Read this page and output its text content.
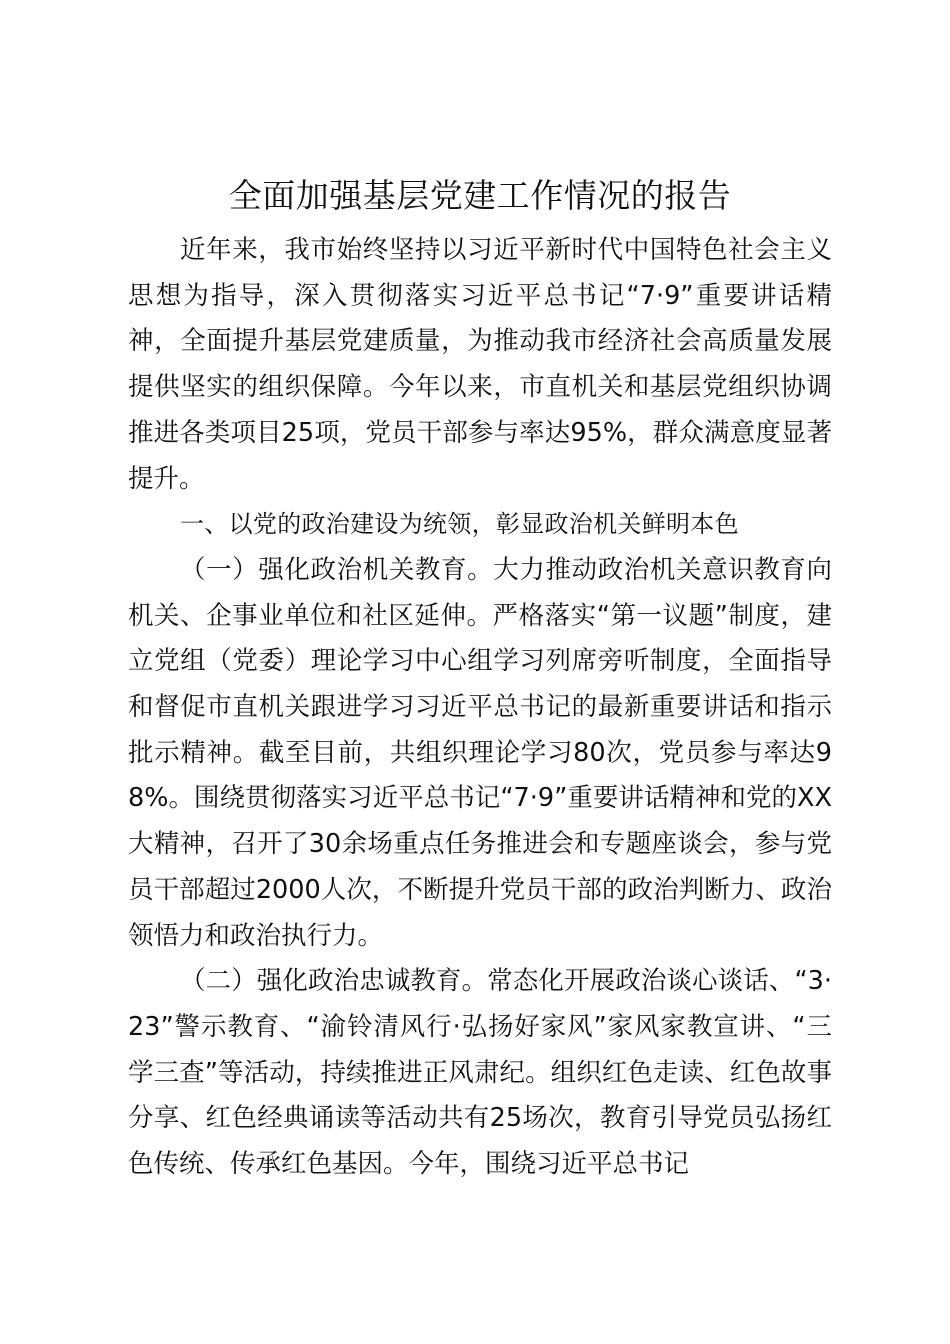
全面加强基层党建工作情况的报告

近年来，我市始终坚持以习近平新时代中国特色社会主义思想为指导，深入贯彻落实习近平总书记“7·9”重要讲话精神，全面提升基层党建质量，为推动我市经济社会高质量发展提供坚实的组织保障。今年以来，市直机关和基层党组织协调推进各类项目25项，党员干部参与率达95%，群众满意度显著提升。

一、以党的政治建设为统领，彰显政治机关鲜明本色

（一）强化政治机关教育。大力推动政治机关意识教育向机关、企事业单位和社区延伸。严格落实“第一议题”制度，建立党组（党委）理论学习中心组学习列席旁听制度，全面指导和督促市直机关跟进学习习近平总书记的最新重要讲话和指示批示精神。截至目前，共组织理论学习80次，党员参与率达98%。围绕贯彻落实习近平总书记“7·9”重要讲话精神和党的XX大精神，召开了30余场重点任务推进会和专题座谈会，参与党员干部超过2000人次，不断提升党员干部的政治判断力、政治领悟力和政治执行力。

（二）强化政治忠诚教育。常态化开展政治谈心谈话、“3·23”警示教育、“渝铃清风行·弘扬好家风”家风家教宣讲、“三学三查”等活动，持续推进正风肃纪。组织红色走读、红色故事分享、红色经典诵读等活动共有25场次，教育引导党员弘扬红色传统、传承红色基因。今年，围绕习近平总书记
